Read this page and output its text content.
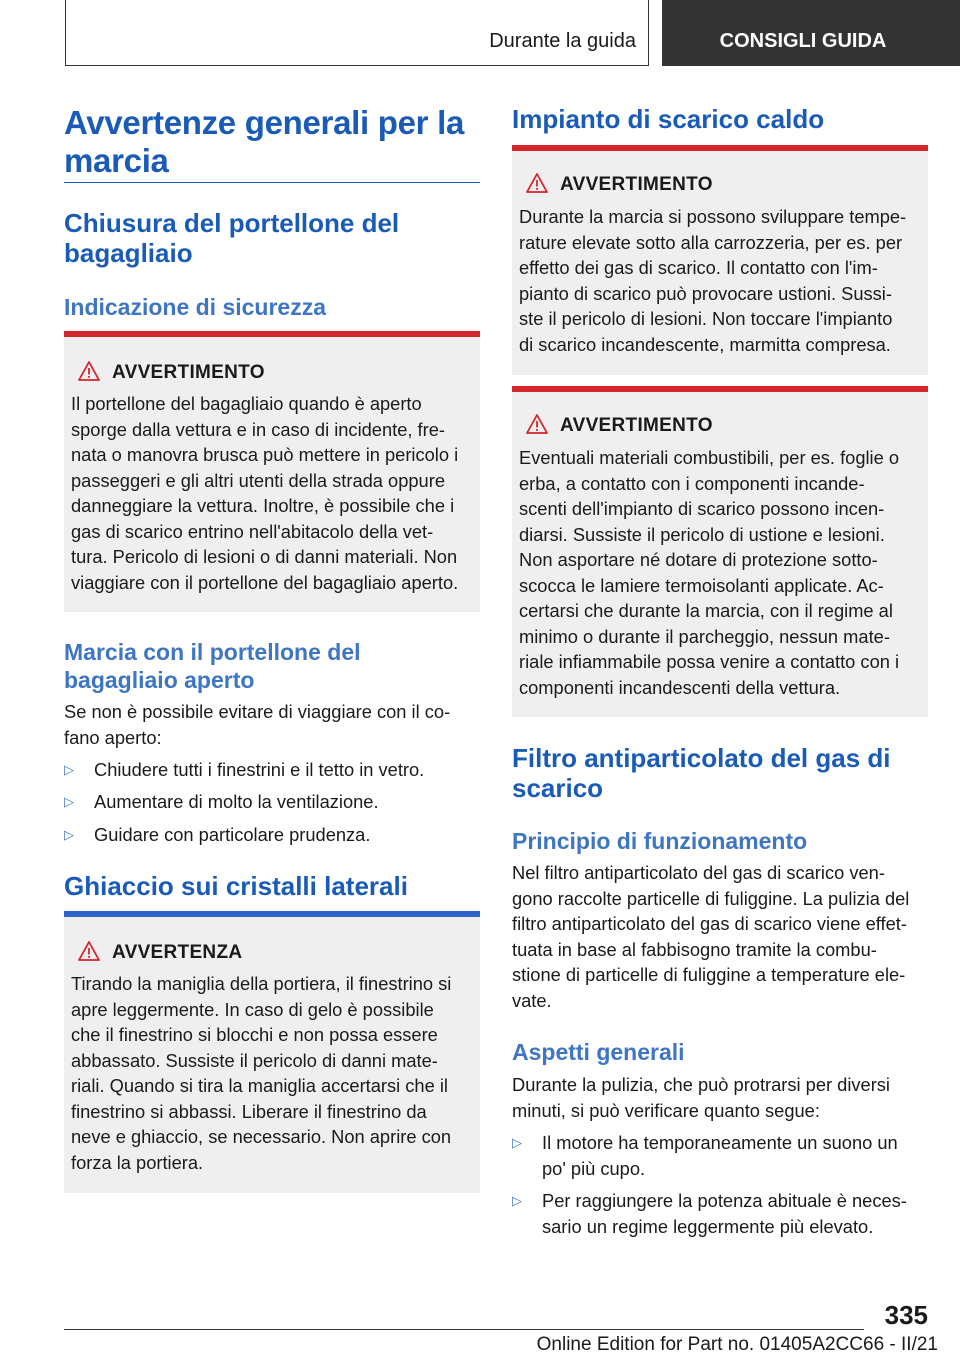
Durante la guida	CONSIGLI GUIDA
Avvertenze generali per la
marcia
Chiusura del portellone del
bagagliaio
Indicazione di sicurezza
AVVERTIMENTO
Il portellone del bagagliaio quando è aperto
sporge dalla vettura e in caso di incidente, fre-
nata o manovra brusca può mettere in pericolo i
passeggeri e gli altri utenti della strada oppure
danneggiare la vettura. Inoltre, è possibile che i
gas di scarico entrino nell'abitacolo della vet-
tura. Pericolo di lesioni o di danni materiali. Non
viaggiare con il portellone del bagagliaio aperto.
Marcia con il portellone del
bagagliaio aperto
Se non è possibile evitare di viaggiare con il co-
fano aperto:
▷ Chiudere tutti i finestrini e il tetto in vetro.
▷ Aumentare di molto la ventilazione.
▷ Guidare con particolare prudenza.
Ghiaccio sui cristalli laterali
AVVERTENZA
Tirando la maniglia della portiera, il finestrino si
apre leggermente. In caso di gelo è possibile
che il finestrino si blocchi e non possa essere
abbassato. Sussiste il pericolo di danni mate-
riali. Quando si tira la maniglia accertarsi che il
finestrino si abbassi. Liberare il finestrino da
neve e ghiaccio, se necessario. Non aprire con
forza la portiera.
Impianto di scarico caldo
AVVERTIMENTO
Durante la marcia si possono sviluppare tempe-
rature elevate sotto alla carrozzeria, per es. per
effetto dei gas di scarico. Il contatto con l'im-
pianto di scarico può provocare ustioni. Sussi-
ste il pericolo di lesioni. Non toccare l'impianto
di scarico incandescente, marmitta compresa.
AVVERTIMENTO
Eventuali materiali combustibili, per es. foglie o
erba, a contatto con i componenti incande-
scenti dell'impianto di scarico possono incen-
diarsi. Sussiste il pericolo di ustione e lesioni.
Non asportare né dotare di protezione sotto-
scocca le lamiere termoisolanti applicate. Ac-
certarsi che durante la marcia, con il regime al
minimo o durante il parcheggio, nessun mate-
riale infiammabile possa venire a contatto con i
componenti incandescenti della vettura.
Filtro antiparticolato del gas di
scarico
Principio di funzionamento
Nel filtro antiparticolato del gas di scarico ven-
gono raccolte particelle di fuliggine. La pulizia del
filtro antiparticolato del gas di scarico viene effet-
tuata in base al fabbisogno tramite la combu-
stione di particelle di fuliggine a temperature ele-
vate.
Aspetti generali
Durante la pulizia, che può protrarsi per diversi
minuti, si può verificare quanto segue:
▷ Il motore ha temporaneamente un suono un
po' più cupo.
▷ Per raggiungere la potenza abituale è neces-
sario un regime leggermente più elevato.
335
Online Edition for Part no. 01405A2CC66 - II/21
